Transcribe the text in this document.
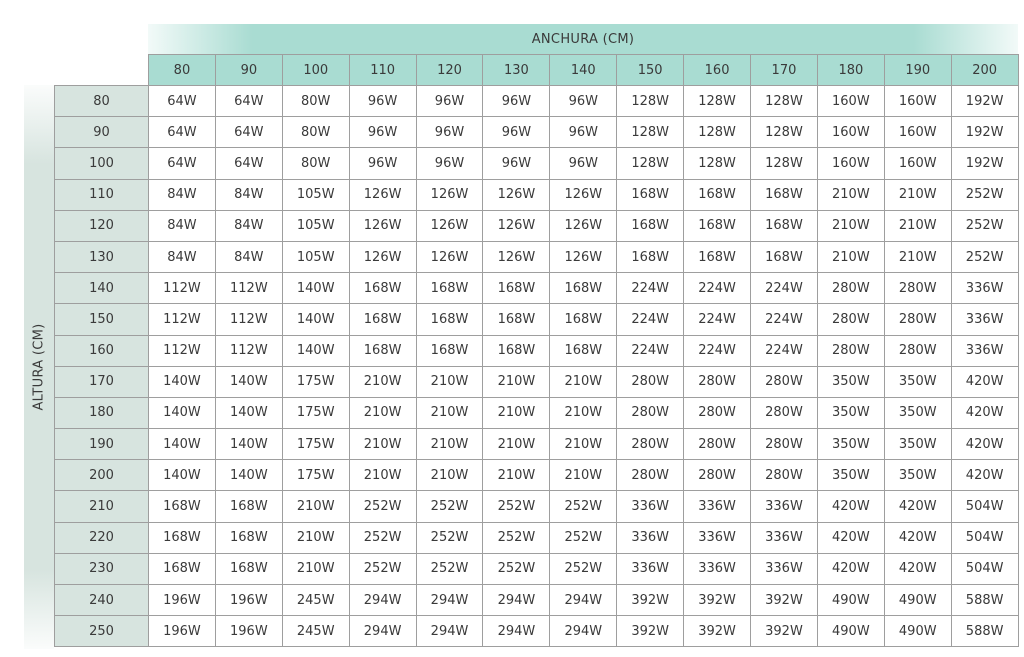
ANCHURA (CM)
ALTURA (CM)
	80	90	100	110	120	130	140	150	160	170	180	190	200
80	64W	64W	80W	96W	96W	96W	96W	128W	128W	128W	160W	160W	192W
90	64W	64W	80W	96W	96W	96W	96W	128W	128W	128W	160W	160W	192W
100	64W	64W	80W	96W	96W	96W	96W	128W	128W	128W	160W	160W	192W
110	84W	84W	105W	126W	126W	126W	126W	168W	168W	168W	210W	210W	252W
120	84W	84W	105W	126W	126W	126W	126W	168W	168W	168W	210W	210W	252W
130	84W	84W	105W	126W	126W	126W	126W	168W	168W	168W	210W	210W	252W
140	112W	112W	140W	168W	168W	168W	168W	224W	224W	224W	280W	280W	336W
150	112W	112W	140W	168W	168W	168W	168W	224W	224W	224W	280W	280W	336W
160	112W	112W	140W	168W	168W	168W	168W	224W	224W	224W	280W	280W	336W
170	140W	140W	175W	210W	210W	210W	210W	280W	280W	280W	350W	350W	420W
180	140W	140W	175W	210W	210W	210W	210W	280W	280W	280W	350W	350W	420W
190	140W	140W	175W	210W	210W	210W	210W	280W	280W	280W	350W	350W	420W
200	140W	140W	175W	210W	210W	210W	210W	280W	280W	280W	350W	350W	420W
210	168W	168W	210W	252W	252W	252W	252W	336W	336W	336W	420W	420W	504W
220	168W	168W	210W	252W	252W	252W	252W	336W	336W	336W	420W	420W	504W
230	168W	168W	210W	252W	252W	252W	252W	336W	336W	336W	420W	420W	504W
240	196W	196W	245W	294W	294W	294W	294W	392W	392W	392W	490W	490W	588W
250	196W	196W	245W	294W	294W	294W	294W	392W	392W	392W	490W	490W	588W
